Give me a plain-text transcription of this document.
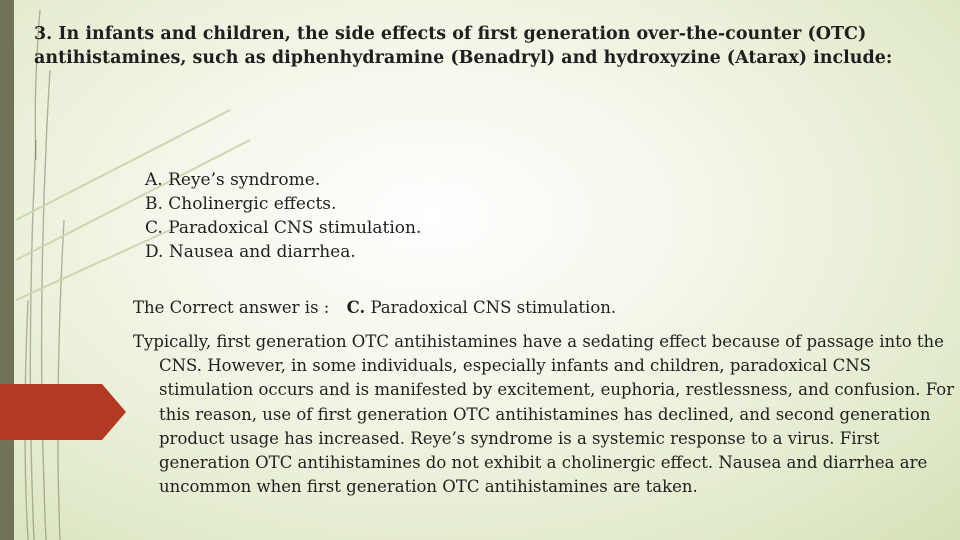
3. In infants and children, the side effects of first generation over-the-counter (OTC) antihistamines, such as diphenhydramine (Benadryl) and hydroxyzine (Atarax) include:
A. Reye’s syndrome.
B. Cholinergic effects.
C. Paradoxical CNS stimulation.
D. Nausea and diarrhea.
The Correct answer is : C. Paradoxical CNS stimulation.
Typically, first generation OTC antihistamines have a sedating effect because of passage into the CNS. However, in some individuals, especially infants and children, paradoxical CNS stimulation occurs and is manifested by excitement, euphoria, restlessness, and confusion. For this reason, use of first generation OTC antihistamines has declined, and second generation product usage has increased. Reye’s syndrome is a systemic response to a virus. First generation OTC antihistamines do not exhibit a cholinergic effect. Nausea and diarrhea are uncommon when first generation OTC antihistamines are taken.
